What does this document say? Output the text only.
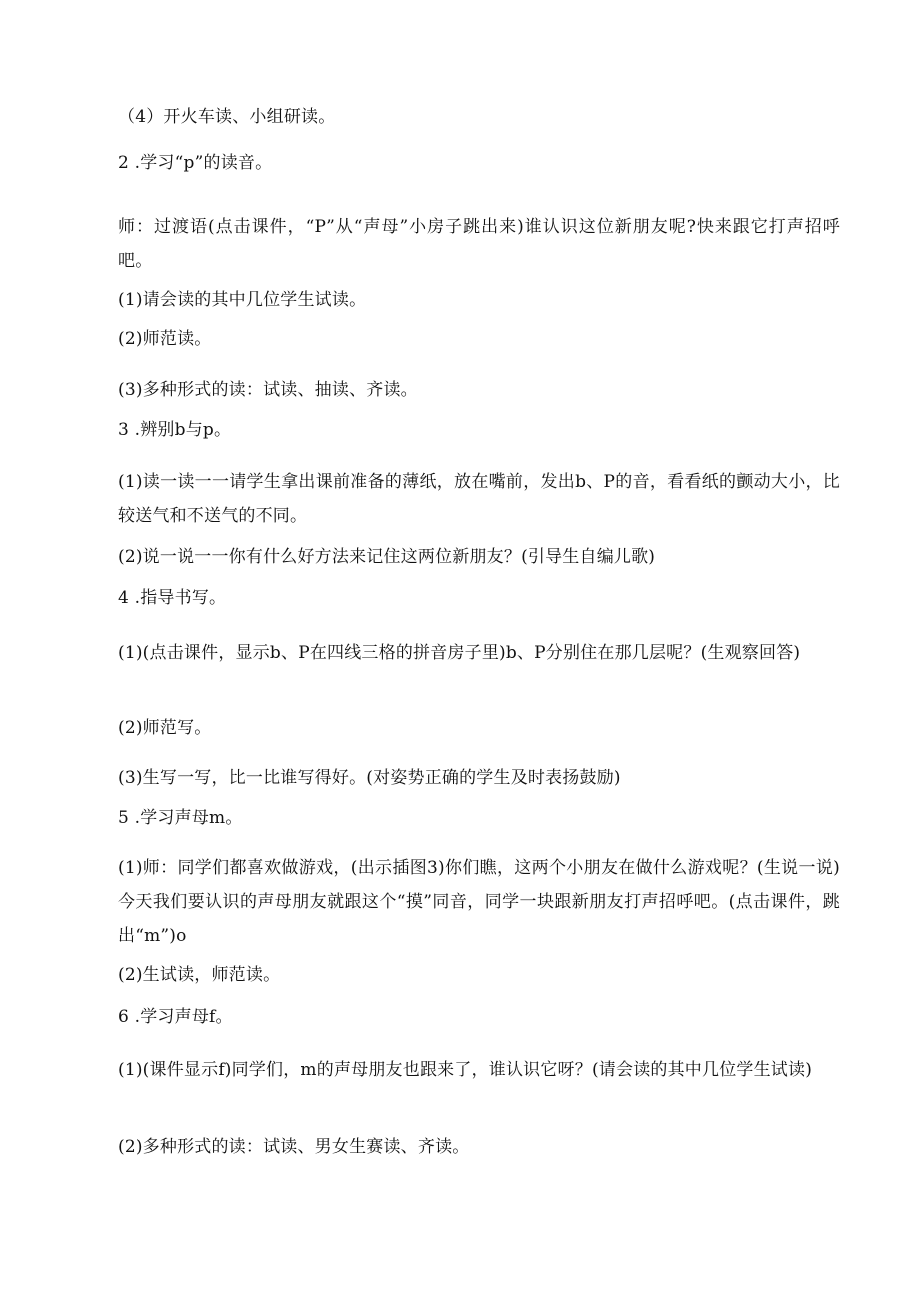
（4）开火车读、小组研读。
2 .学习“p”的读音。
师：过渡语(点击课件，“P”从“声母”小房子跳出来)谁认识这位新朋友呢?快来跟它打声招呼吧。
(1)请会读的其中几位学生试读。
(2)师范读。
(3)多种形式的读：试读、抽读、齐读。
3 .辨别b与p。
(1)读一读一一请学生拿出课前准备的薄纸，放在嘴前，发出b、P的音，看看纸的颤动大小，比较送气和不送气的不同。
(2)说一说一一你有什么好方法来记住这两位新朋友？(引导生自编儿歌)
4 .指导书写。
(1)(点击课件，显示b、P在四线三格的拼音房子里)b、P分别住在那几层呢？(生观察回答)
(2)师范写。
(3)生写一写，比一比谁写得好。(对姿势正确的学生及时表扬鼓励)
5 .学习声母m。
(1)师：同学们都喜欢做游戏，(出示插图3)你们瞧，这两个小朋友在做什么游戏呢？(生说一说)今天我们要认识的声母朋友就跟这个“摸”同音，同学一块跟新朋友打声招呼吧。(点击课件，跳出“m”)o
(2)生试读，师范读。
6 .学习声母f。
(1)(课件显示f)同学们，m的声母朋友也跟来了，谁认识它呀？(请会读的其中几位学生试读)
(2)多种形式的读：试读、男女生赛读、齐读。
